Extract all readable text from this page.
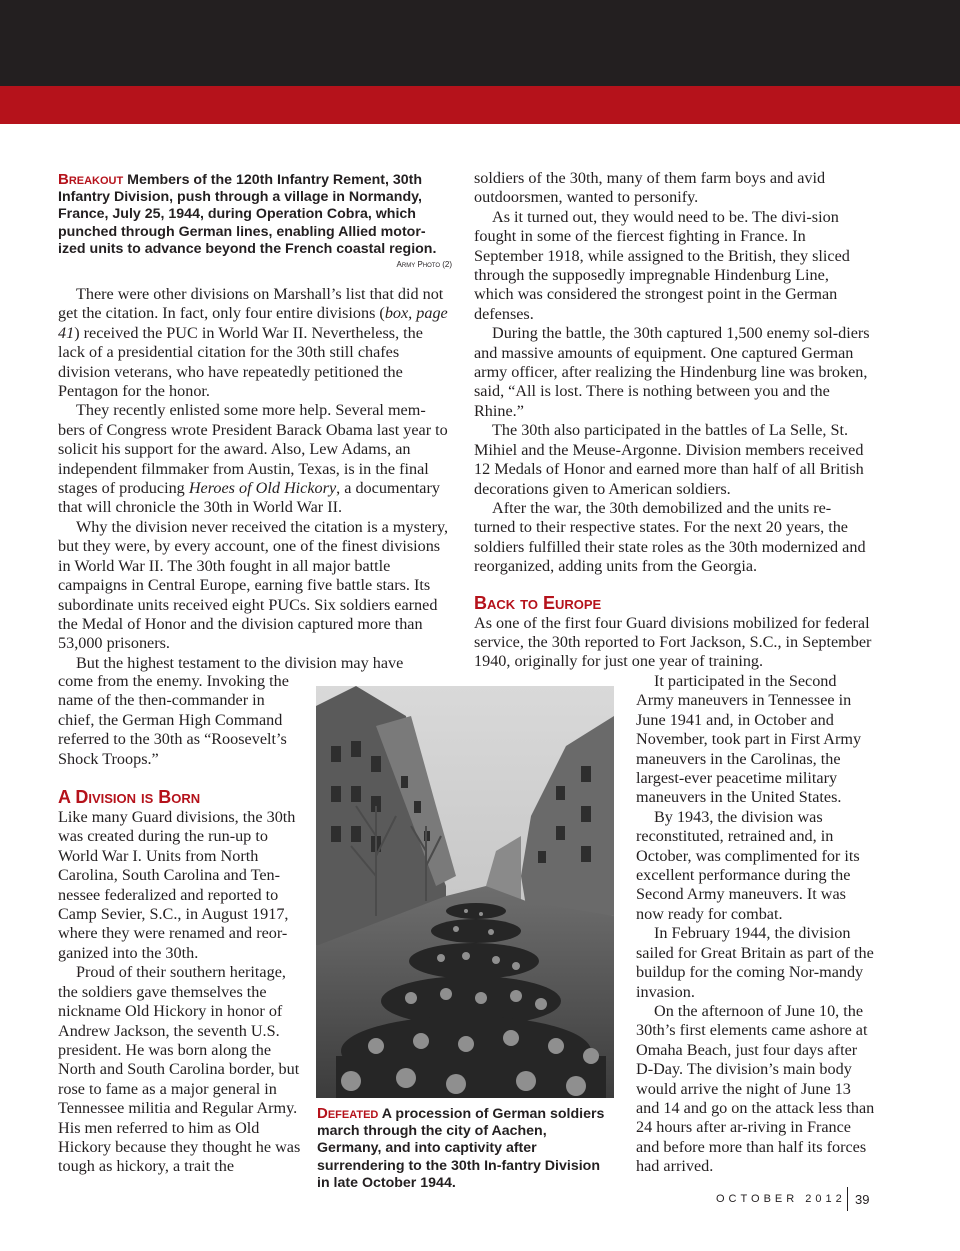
Breakout Members of the 120th Infantry Rement, 30th Infantry Division, push through a village in Normandy, France, July 25, 1944, during Operation Cobra, which punched through German lines, enabling Allied motor-ized units to advance beyond the French coastal region.
Army Photo (2)

There were other divisions on Marshall’s list that did not get the citation. In fact, only four entire divisions (box, page 41) received the PUC in World War II. Nevertheless, the lack of a presidential citation for the 30th still chafes division veterans, who have repeatedly petitioned the Pentagon for the honor.

They recently enlisted some more help. Several mem-bers of Congress wrote President Barack Obama last year to solicit his support for the award. Also, Lew Adams, an independent filmmaker from Austin, Texas, is in the final stages of producing Heroes of Old Hickory, a documentary that will chronicle the 30th in World War II.

Why the division never received the citation is a mystery, but they were, by every account, one of the finest divisions in World War II. The 30th fought in all major battle campaigns in Central Europe, earning five battle stars. Its subordinate units received eight PUCs. Six soldiers earned the Medal of Honor and the division captured more than 53,000 prisoners.

But the highest testament to the division may have

come from the enemy. Invoking the
name of the then-commander in
chief, the German High Command
referred to the 30th as “Roosevelt’s
Shock Troops.”
A Division is Born

Like many Guard divisions, the 30th was created during the run-up to World War I. Units from North Carolina, South Carolina and Ten-nessee federalized and reported to Camp Sevier, S.C., in August 1917, where they were renamed and reor-ganized into the 30th.

Proud of their southern heritage, the soldiers gave themselves the nickname Old Hickory in honor of Andrew Jackson, the seventh U.S. president. He was born along the North and South Carolina border, but rose to fame as a major general in Tennessee militia and Regular Army. His men referred to him as Old Hickory because they thought he was tough as hickory, a trait the

Defeated A procession of German soldiers march through the city of Aachen, Germany, and into captivity after surrendering to the 30th In-fantry Division in late October 1944.

soldiers of the 30th, many of them farm boys and avid outdoorsmen, wanted to personify.

As it turned out, they would need to be. The divi-sion fought in some of the fiercest fighting in France. In September 1918, while assigned to the British, they sliced through the supposedly impregnable Hindenburg Line, which was considered the strongest point in the German defenses.

During the battle, the 30th captured 1,500 enemy sol-diers and massive amounts of equipment. One captured German army officer, after realizing the Hindenburg line was broken, said, “All is lost. There is nothing between you and the Rhine.”

The 30th also participated in the battles of La Selle, St. Mihiel and the Meuse-Argonne. Division members received 12 Medals of Honor and earned more than half of all British decorations given to American soldiers.

After the war, the 30th demobilized and the units re-turned to their respective states. For the next 20 years, the soldiers fulfilled their state roles as the 30th modernized and reorganized, adding units from the Georgia.

Back to Europe

As one of the first four Guard divisions mobilized for federal service, the 30th reported to Fort Jackson, S.C., in September 1940, originally for just one year of training.

It participated in the Second Army maneuvers in Tennessee in June 1941 and, in October and November, took part in First Army maneuvers in the Carolinas, the largest-ever peacetime military maneuvers in the United States.

By 1943, the division was reconstituted, retrained and, in October, was complimented for its excellent performance during the Second Army maneuvers. It was now ready for combat.

In February 1944, the division sailed for Great Britain as part of the buildup for the coming Nor-mandy invasion.

On the afternoon of June 10, the 30th’s first elements came ashore at Omaha Beach, just four days after D-Day. The division’s main body would arrive the night of June 13 and 14 and go on the attack less than 24 hours after ar-riving in France and before more than half its forces had arrived.

OCTOBER 2012 39
